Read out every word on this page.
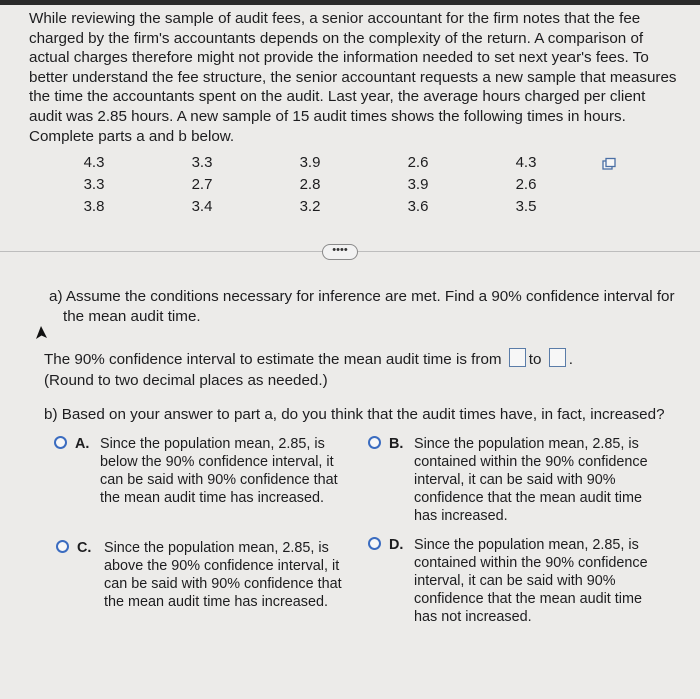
While reviewing the sample of audit fees, a senior accountant for the firm notes that the fee charged by the firm's accountants depends on the complexity of the return. A comparison of actual charges therefore might not provide the information needed to set next year's fees. To better understand the fee structure, the senior accountant requests a new sample that measures the time the accountants spent on the audit. Last year, the average hours charged per client audit was 2.85 hours. A new sample of 15 audit times shows the following times in hours. Complete parts a and b below.
4.3	3.3	3.9	2.6	4.3
3.3	2.7	2.8	3.9	2.6
3.8	3.4	3.2	3.6	3.5
••••
a) Assume the conditions necessary for inference are met. Find a 90% confidence interval for
the mean audit time.
The 90% confidence interval to estimate the mean audit time is from to .
(Round to two decimal places as needed.)
b) Based on your answer to part a, do you think that the audit times have, in fact, increased?
A. Since the population mean, 2.85, is below the 90% confidence interval, it can be said with 90% confidence that the mean audit time has increased.
B. Since the population mean, 2.85, is contained within the 90% confidence interval, it can be said with 90% confidence that the mean audit time has increased.
C. Since the population mean, 2.85, is above the 90% confidence interval, it can be said with 90% confidence that the mean audit time has increased.
D. Since the population mean, 2.85, is contained within the 90% confidence interval, it can be said with 90% confidence that the mean audit time has not increased.
